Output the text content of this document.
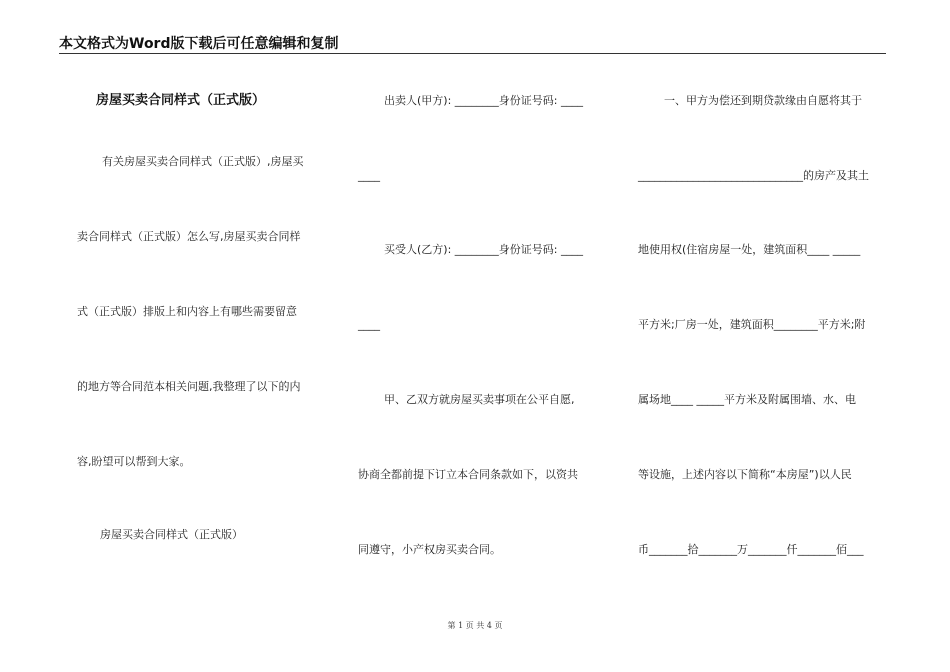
本文格式为Word版下载后可任意编辑和复制
房屋买卖合同样式（正式版）
有关房屋买卖合同样式（正式版）,房屋买
卖合同样式（正式版）怎么写,房屋买卖合同样
式（正式版）排版上和内容上有哪些需要留意
的地方等合同范本相关问题,我整理了以下的内
容,盼望可以帮到大家。
房屋买卖合同样式（正式版）
出卖人(甲方): ________身份证号码: ____
____
买受人(乙方): ________身份证号码: ____
____
甲、乙双方就房屋买卖事项在公平自愿,
协商全都前提下订立本合同条款如下，以资共
同遵守，小产权房买卖合同。
一、甲方为偿还到期贷款缘由自愿将其于
______________________________的房产及其土
地使用权(住宿房屋一处，建筑面积____ _____
平方米;厂房一处，建筑面积________平方米;附
属场地____ _____平方米及附属围墙、水、电
等设施，上述内容以下简称“本房屋”)以人民
币_______拾_______万_______仟_______佰___
第 1 页 共 4 页
